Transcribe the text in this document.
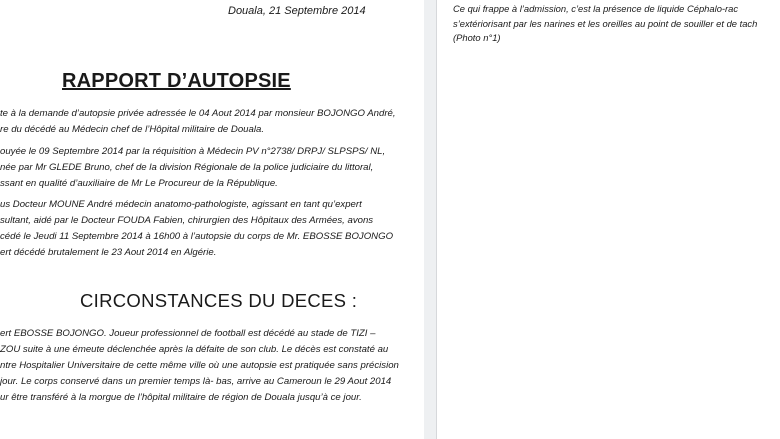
Douala, 21 Septembre 2014
RAPPORT D’AUTOPSIE
te à la demande d’autopsie privée adressée le 04 Aout 2014 par monsieur BOJONGO André,
re du décédé au Médecin chef de l’Hôpital militaire de Douala.
ouyée le 09 Septembre 2014 par la réquisition à Médecin PV n°2738/ DRPJ/ SLPSPS/ NL,
née par Mr GLEDE Bruno, chef de la division Régionale de la police judiciaire du littoral,
ssant en qualité d’auxiliaire de Mr Le Procureur de la République.
us Docteur MOUNE André médecin anatomo-pathologiste, agissant en tant qu’expert
sultant, aidé par le Docteur FOUDA Fabien, chirurgien des Hôpitaux des Armées, avons
cédé le Jeudi 11 Septembre 2014 à 16h00 à l’autopsie du corps de Mr. EBOSSE BOJONGO
ert décédé brutalement le 23 Aout 2014 en Algérie.
CIRCONSTANCES DU DECES :
ert EBOSSE BOJONGO. Joueur professionnel de football est décédé au stade de TIZI –
ZOU suite à une émeute déclenchée après la défaite de son club. Le décès est constaté au
ntre Hospitalier Universitaire de cette même ville où une autopsie est pratiquée sans précision
jour. Le corps conservé dans un premier temps là- bas, arrive au Cameroun le 29 Aout 2014
ur être transféré à la morgue de l’hôpital militaire de région de Douala jusqu’à ce jour.
Ce qui frappe à l’admission, c’est la présence de liquide Céphalo-rac
s’extériorisant par les narines et les oreilles au point de souiller et de tach
(Photo n°1)
